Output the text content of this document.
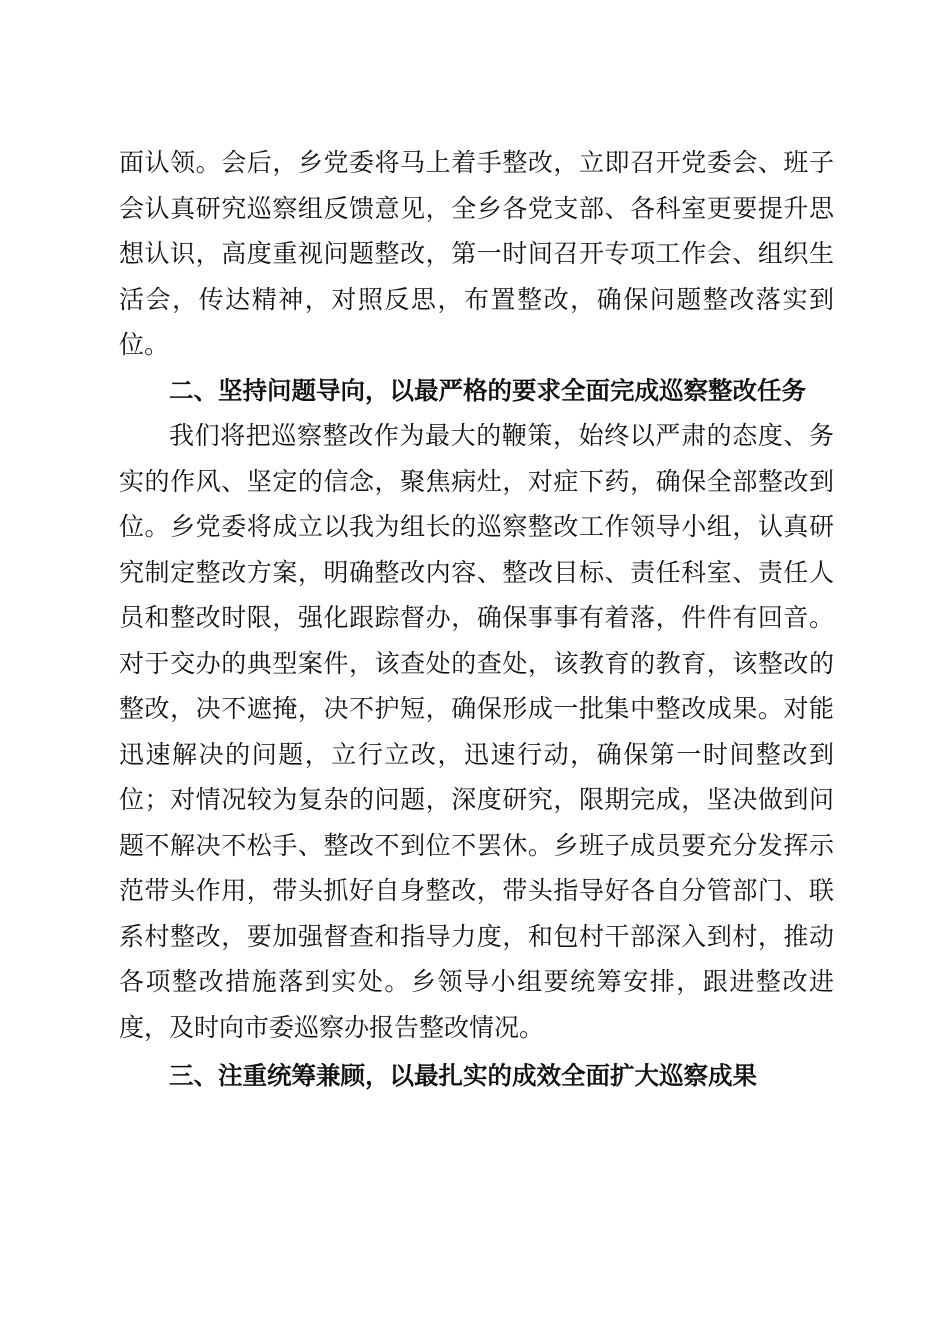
面认领。会后，乡党委将马上着手整改，立即召开党委会、班子会认真研究巡察组反馈意见，全乡各党支部、各科室更要提升思想认识，高度重视问题整改，第一时间召开专项工作会、组织生活会，传达精神，对照反思，布置整改，确保问题整改落实到位。

二、坚持问题导向，以最严格的要求全面完成巡察整改任务

我们将把巡察整改作为最大的鞭策，始终以严肃的态度、务实的作风、坚定的信念，聚焦病灶，对症下药，确保全部整改到位。乡党委将成立以我为组长的巡察整改工作领导小组，认真研究制定整改方案，明确整改内容、整改目标、责任科室、责任人员和整改时限，强化跟踪督办，确保事事有着落，件件有回音。对于交办的典型案件，该查处的查处，该教育的教育，该整改的整改，决不遮掩，决不护短，确保形成一批集中整改成果。对能迅速解决的问题，立行立改，迅速行动，确保第一时间整改到位；对情况较为复杂的问题，深度研究，限期完成，坚决做到问题不解决不松手、整改不到位不罢休。乡班子成员要充分发挥示范带头作用，带头抓好自身整改，带头指导好各自分管部门、联系村整改，要加强督查和指导力度，和包村干部深入到村，推动各项整改措施落到实处。乡领导小组要统筹安排，跟进整改进度，及时向市委巡察办报告整改情况。

三、注重统筹兼顾，以最扎实的成效全面扩大巡察成果
